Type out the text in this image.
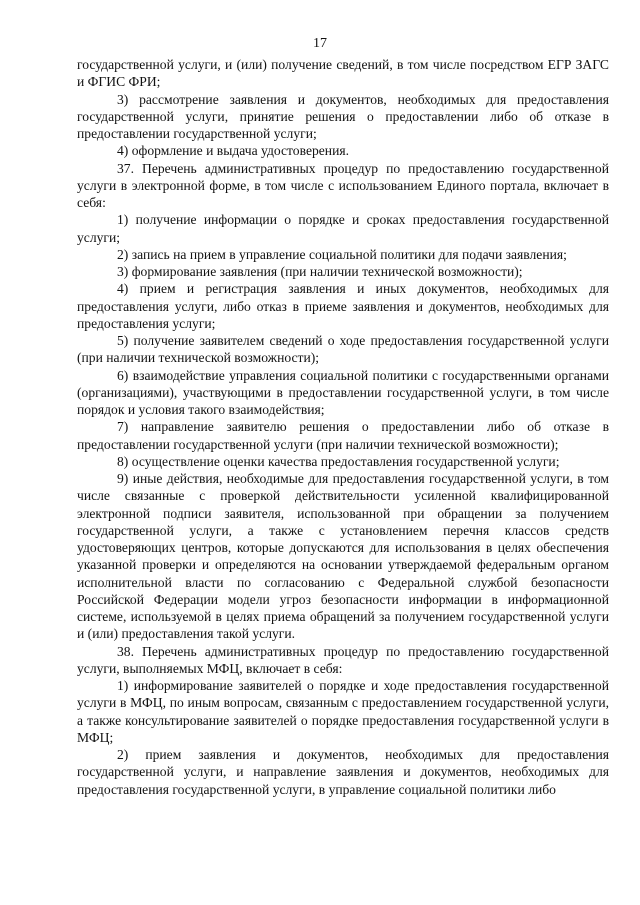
17

государственной услуги, и (или) получение сведений, в том числе посредством ЕГР ЗАГС и ФГИС ФРИ;

3) рассмотрение заявления и документов, необходимых для предоставления государственной услуги, принятие решения о предоставлении либо об отказе в предоставлении государственной услуги;

4) оформление и выдача удостоверения.

37. Перечень административных процедур по предоставлению государственной услуги в электронной форме, в том числе с использованием Единого портала, включает в себя:

1) получение информации о порядке и сроках предоставления государственной услуги;

2) запись на прием в управление социальной политики для подачи заявления;

3) формирование заявления (при наличии технической возможности);

4) прием и регистрация заявления и иных документов, необходимых для предоставления услуги, либо отказ в приеме заявления и документов, необходимых для предоставления услуги;

5) получение заявителем сведений о ходе предоставления государственной услуги (при наличии технической возможности);

6) взаимодействие управления социальной политики с государственными органами (организациями), участвующими в предоставлении государственной услуги, в том числе порядок и условия такого взаимодействия;

7) направление заявителю решения о предоставлении либо об отказе в предоставлении государственной услуги (при наличии технической возможности);

8) осуществление оценки качества предоставления государственной услуги;

9) иные действия, необходимые для предоставления государственной услуги, в том числе связанные с проверкой действительности усиленной квалифицированной электронной подписи заявителя, использованной при обращении за получением государственной услуги, а также с установлением перечня классов средств удостоверяющих центров, которые допускаются для использования в целях обеспечения указанной проверки и определяются на основании утверждаемой федеральным органом исполнительной власти по согласованию с Федеральной службой безопасности Российской Федерации модели угроз безопасности информации в информационной системе, используемой в целях приема обращений за получением государственной услуги и (или) предоставления такой услуги.

38. Перечень административных процедур по предоставлению государственной услуги, выполняемых МФЦ, включает в себя:

1) информирование заявителей о порядке и ходе предоставления государственной услуги в МФЦ, по иным вопросам, связанным с предоставлением государственной услуги, а также консультирование заявителей о порядке предоставления государственной услуги в МФЦ;

2) прием заявления и документов, необходимых для предоставления государственной услуги, и направление заявления и документов, необходимых для предоставления государственной услуги, в управление социальной политики либо
